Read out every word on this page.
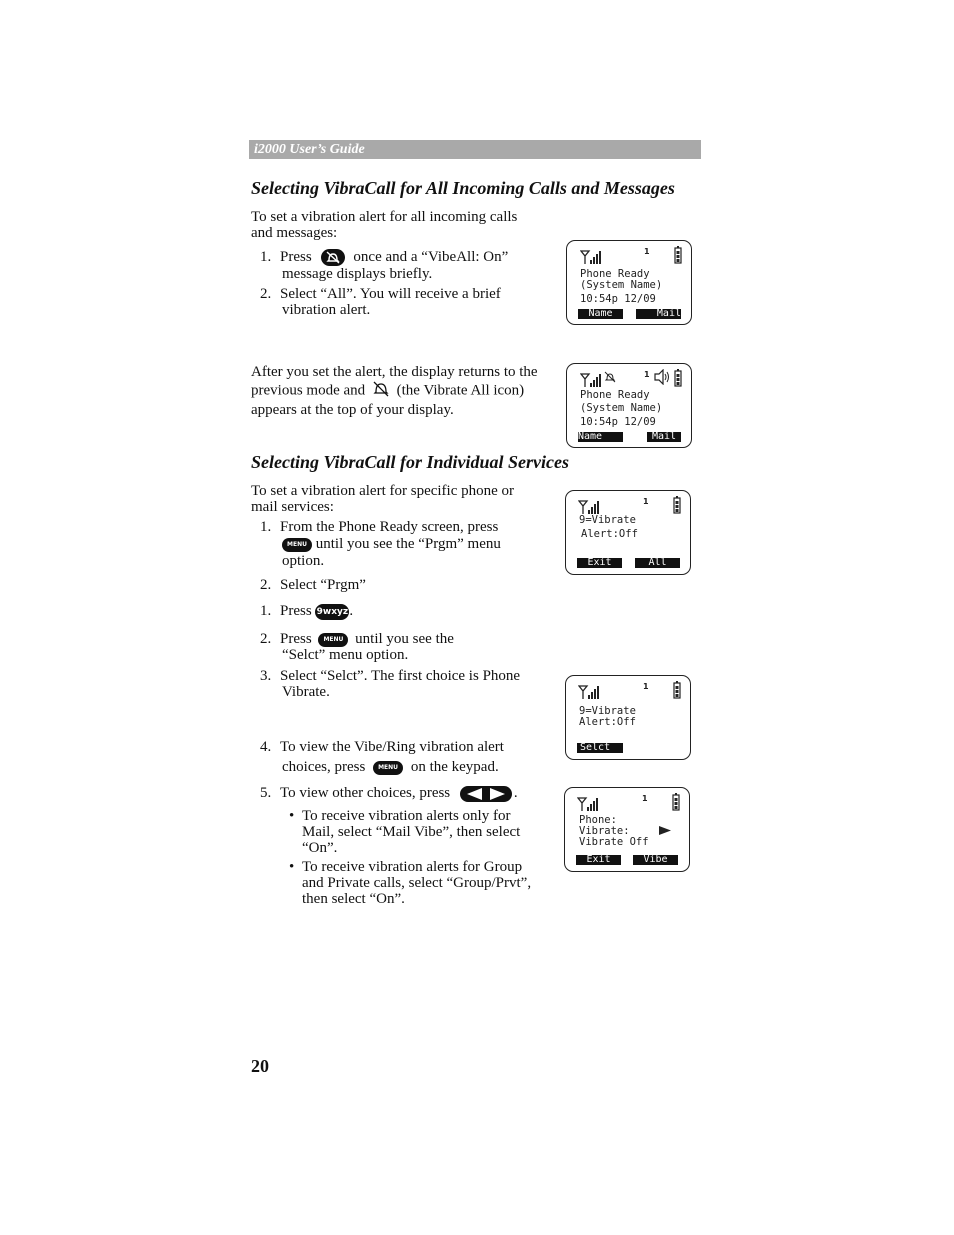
i2000 User’s Guide
Selecting VibraCall for All Incoming Calls and Messages
To set a vibration alert for all incoming calls
and messages:
1. Press	once and a “VibeAll: On”
message displays briefly.
2. Select “All”. You will receive a brief
vibration alert.
After you set the alert, the display returns to the
previous mode and (the Vibrate All icon)
appears at the top of your display.
Selecting VibraCall for Individual Services
To set a vibration alert for specific phone or
mail services:
1. From the Phone Ready screen, press
MENU until you see the “Prgm” menu
option.
2. Select “Prgm”
1. Press 9wxyz.
2. Press MENU until you see the
“Selct” menu option.
3. Select “Selct”. The first choice is Phone
Vibrate.
4. To view the Vibe/Ring vibration alert
choices, press MENU on the keypad.
5. To view other choices, press	.
• To receive vibration alerts only for
Mail, select “Mail Vibe”, then select
“On”.
• To receive vibration alerts for Group
and Private calls, select “Group/Prvt”,
then select “On”.
1
Phone Ready
(System Name)
10:54p 12/09
Name	Mail
1
Phone Ready
(System Name)
10:54p 12/09
Name	Mail
1
9=Vibrate
Alert:Off
Exit	All
1
9=Vibrate
Alert:Off
Selct
1
Phone:
Vibrate:
Vibrate Off
Exit	Vibe
20
